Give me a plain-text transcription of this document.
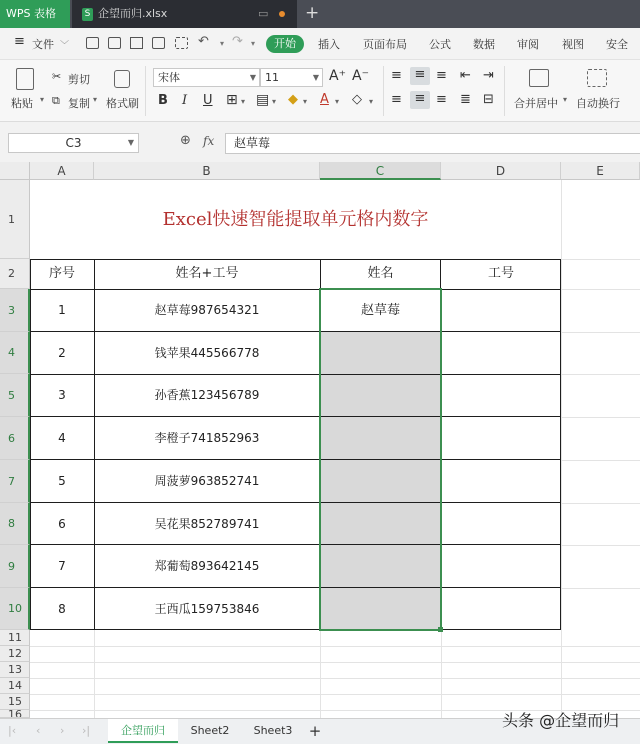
WPS 表格	S 企望而归.xlsx	▭ +
≡ 文件 ﹀	↶ ▾ ↷ ▾	开始	插入 页面布局 公式 数据 审阅 视图 安全
粘贴 ▾
✂ 剪切
⧉ 复制 ▾ 格式刷
宋体	▼ 11	▼ A⁺ A⁻
B I U ⊞ ▾ ▤ ▾ ◆ ▾ A ▾ ◇ ▾
≡ ≡ ≡ ⇤ ⇥
≡ ≡ ≡ ≣ ⊟ 合并居中 ▾ 自动换行
C3	▼	⊕ fx	赵草莓
A	B	C	D	E
1
2
3
4
5
6
7
8
9
10
11
12
13
14
15
16
Excel快速智能提取单元格内数字
序号	姓名+工号	姓名	工号
1	赵草莓987654321	赵草莓
2	钱苹果445566778
3	孙香蕉123456789
4	李橙子741852963
5	周菠萝963852741
6	吴花果852789741
7	郑葡萄893642145
8	王西瓜159753846
|‹ ‹ › ›|	企望而归	Sheet2	Sheet3	+
头条 @企望而归
